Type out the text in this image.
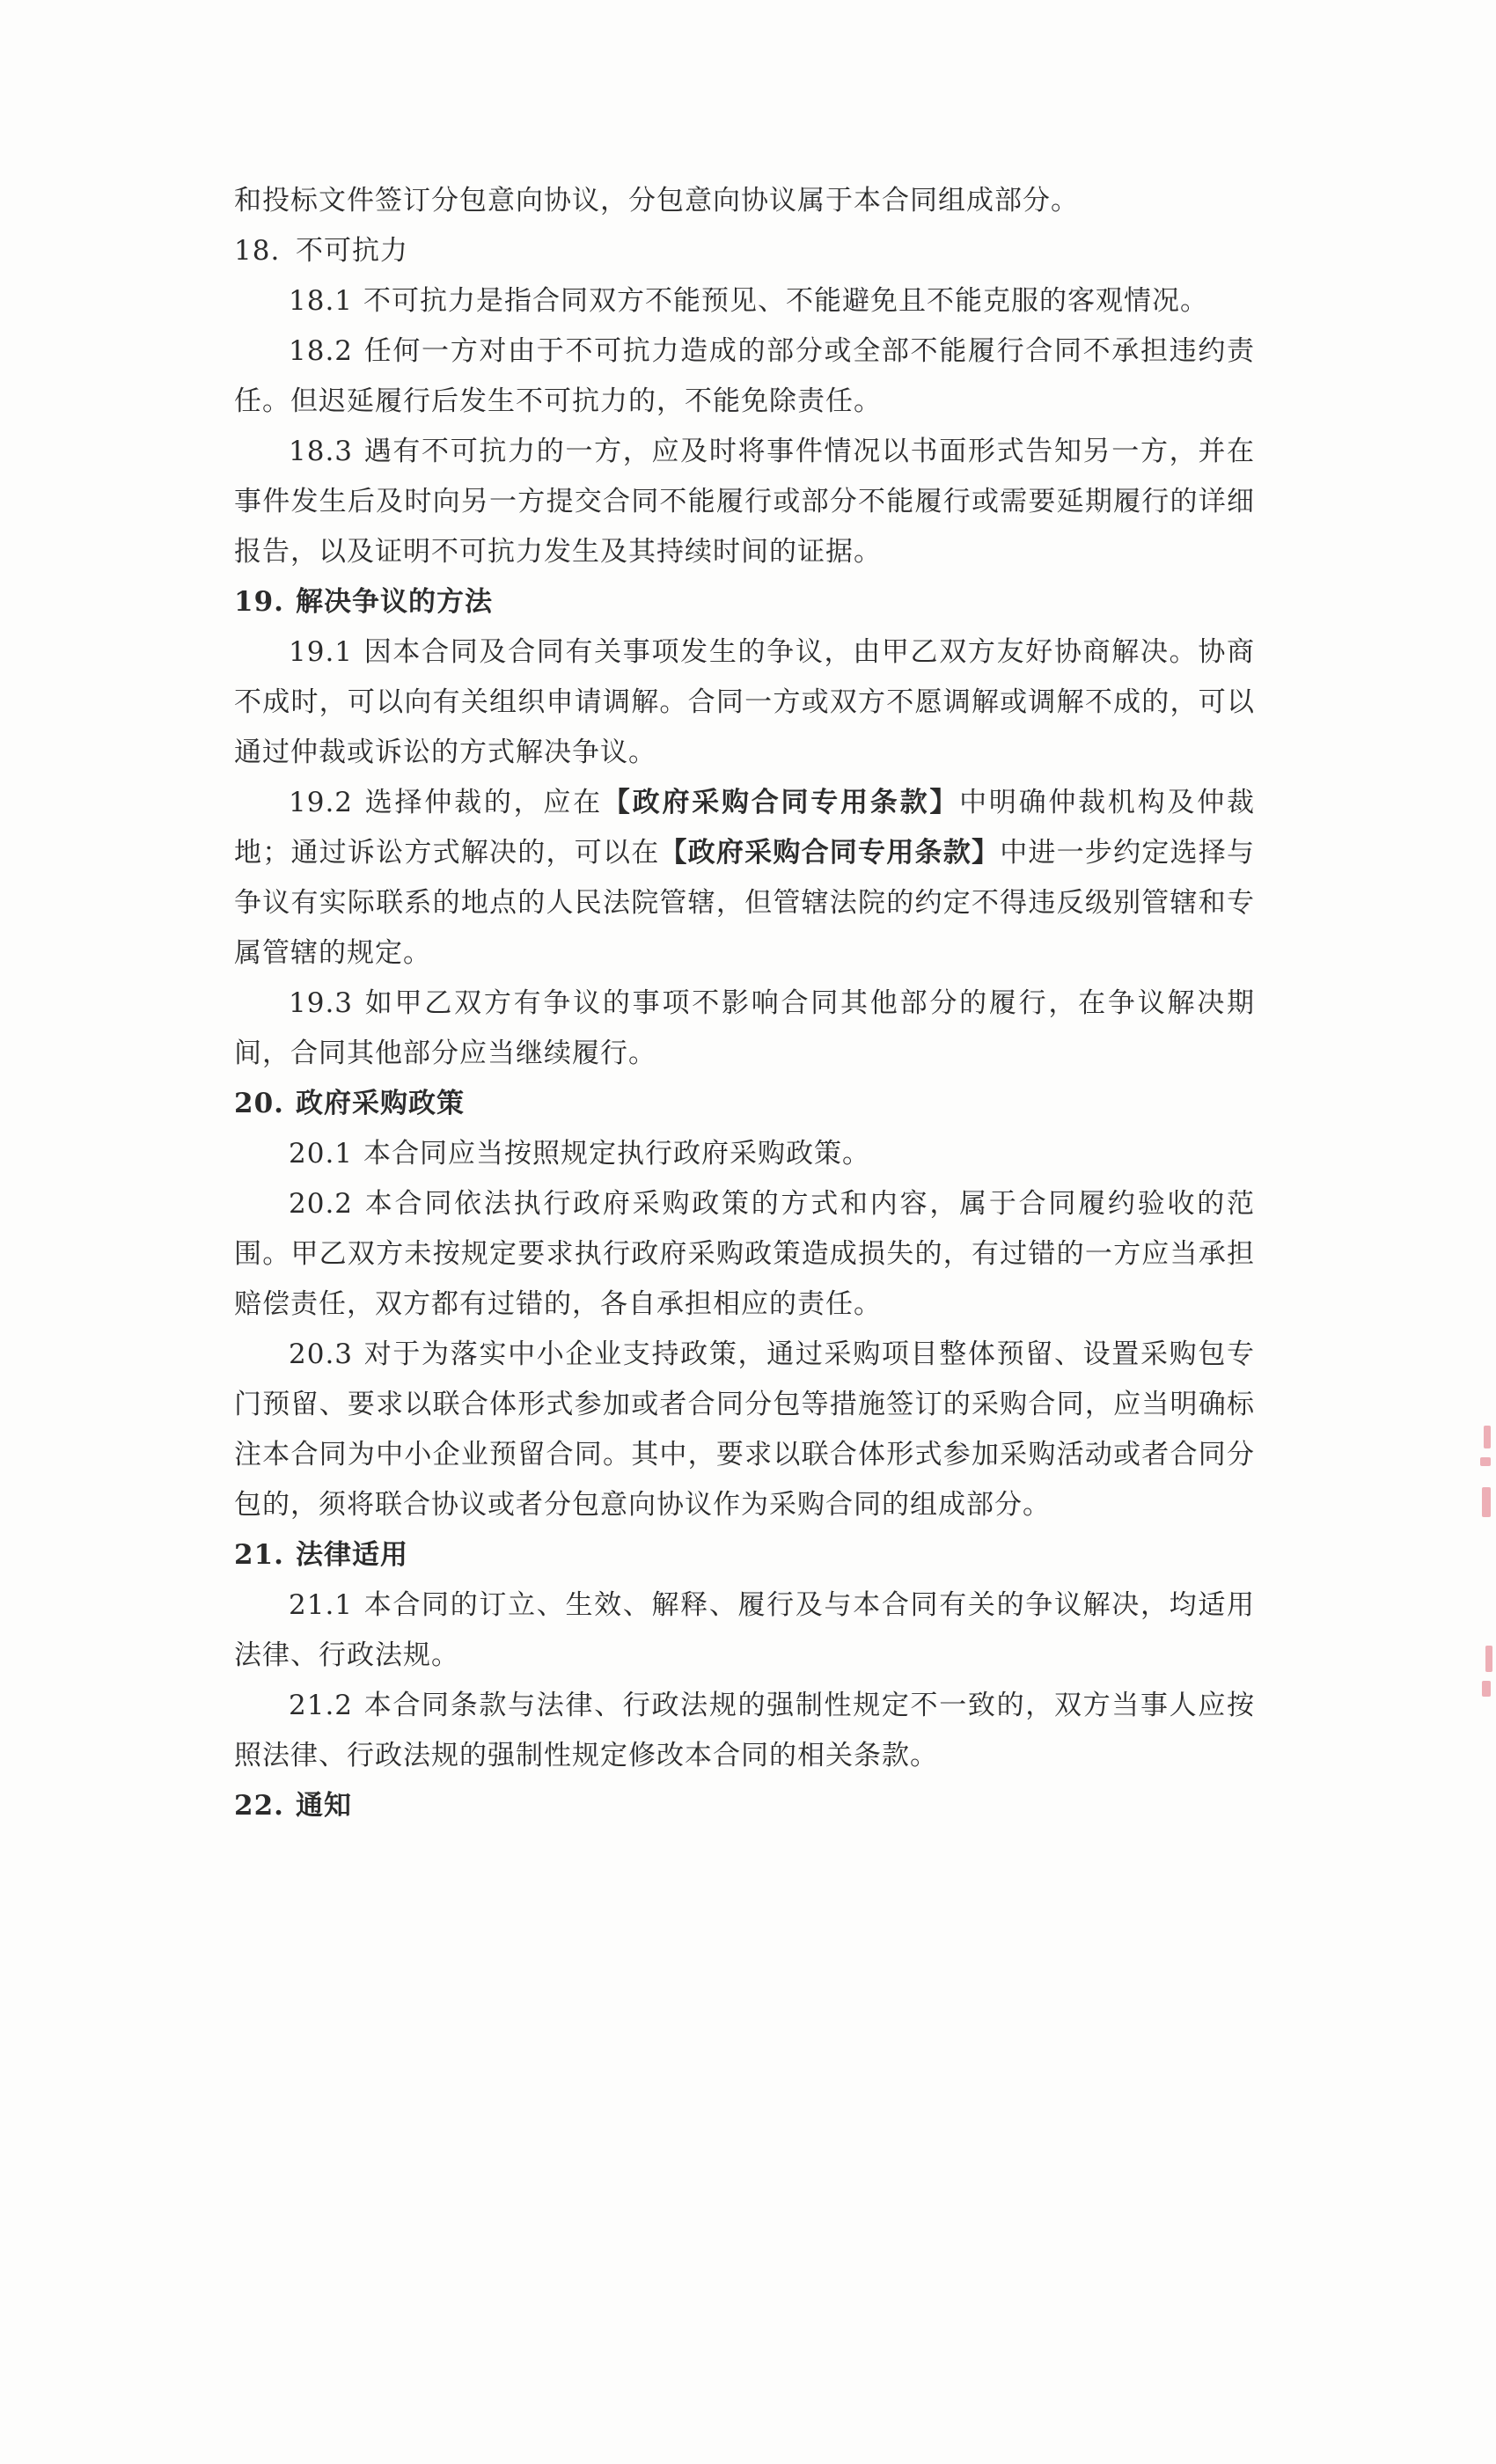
和投标文件签订分包意向协议，分包意向协议属于本合同组成部分。

18. 不可抗力

18.1 不可抗力是指合同双方不能预见、不能避免且不能克服的客观情况。

18.2 任何一方对由于不可抗力造成的部分或全部不能履行合同不承担违约责任。但迟延履行后发生不可抗力的，不能免除责任。

18.3 遇有不可抗力的一方，应及时将事件情况以书面形式告知另一方，并在事件发生后及时向另一方提交合同不能履行或部分不能履行或需要延期履行的详细报告，以及证明不可抗力发生及其持续时间的证据。

19. 解决争议的方法

19.1 因本合同及合同有关事项发生的争议，由甲乙双方友好协商解决。协商不成时，可以向有关组织申请调解。合同一方或双方不愿调解或调解不成的，可以通过仲裁或诉讼的方式解决争议。

19.2 选择仲裁的，应在【政府采购合同专用条款】中明确仲裁机构及仲裁地；通过诉讼方式解决的，可以在【政府采购合同专用条款】中进一步约定选择与争议有实际联系的地点的人民法院管辖，但管辖法院的约定不得违反级别管辖和专属管辖的规定。

19.3 如甲乙双方有争议的事项不影响合同其他部分的履行，在争议解决期间，合同其他部分应当继续履行。

20. 政府采购政策

20.1 本合同应当按照规定执行政府采购政策。

20.2 本合同依法执行政府采购政策的方式和内容，属于合同履约验收的范围。甲乙双方未按规定要求执行政府采购政策造成损失的，有过错的一方应当承担赔偿责任，双方都有过错的，各自承担相应的责任。

20.3 对于为落实中小企业支持政策，通过采购项目整体预留、设置采购包专门预留、要求以联合体形式参加或者合同分包等措施签订的采购合同，应当明确标注本合同为中小企业预留合同。其中，要求以联合体形式参加采购活动或者合同分包的，须将联合协议或者分包意向协议作为采购合同的组成部分。

21. 法律适用

21.1 本合同的订立、生效、解释、履行及与本合同有关的争议解决，均适用法律、行政法规。

21.2 本合同条款与法律、行政法规的强制性规定不一致的，双方当事人应按照法律、行政法规的强制性规定修改本合同的相关条款。

22. 通知
